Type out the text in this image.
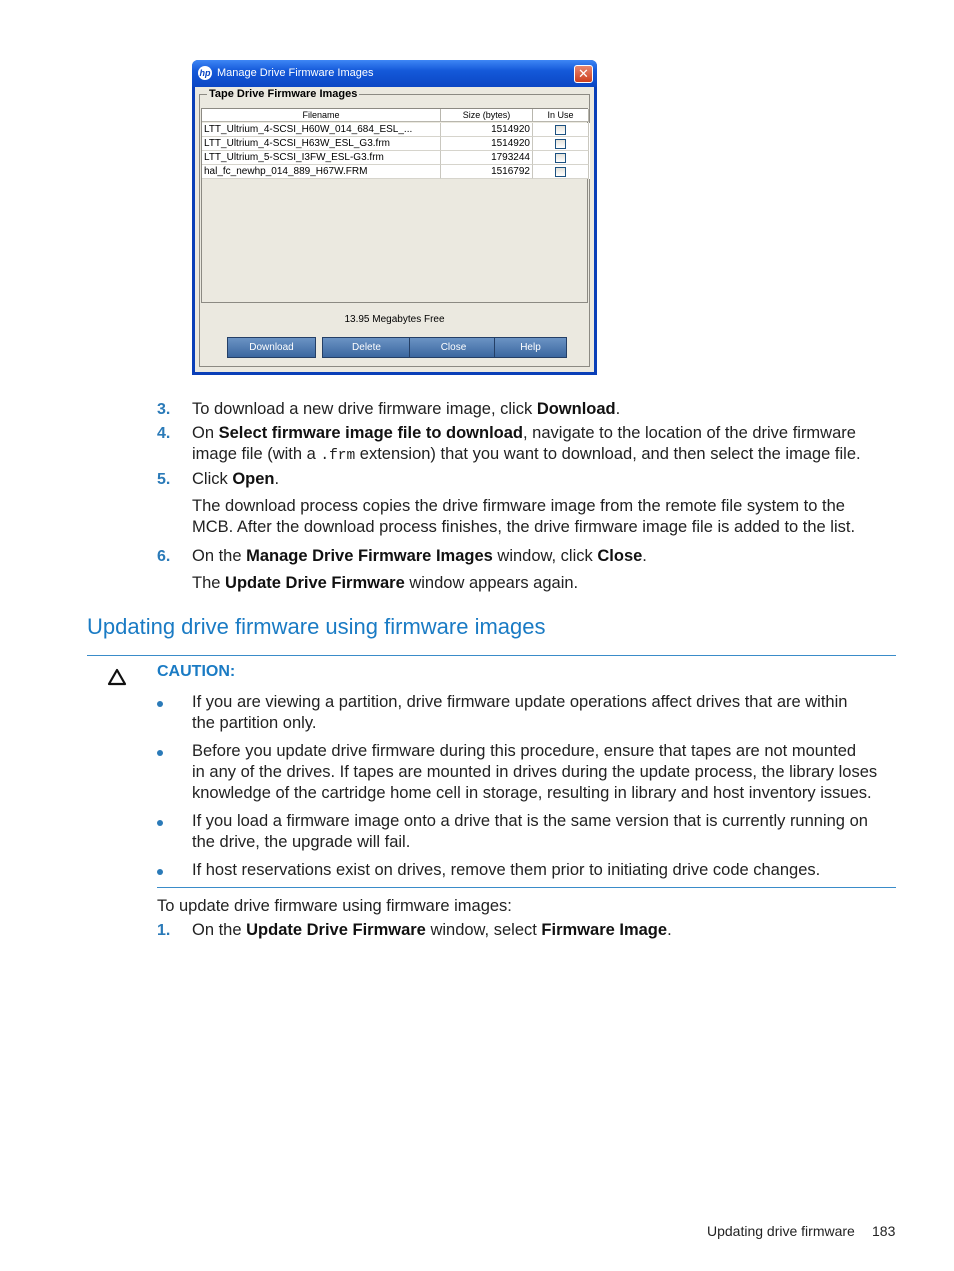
hp Manage Drive Firmware Images	✕
Tape Drive Firmware Images
Filename	Size (bytes)	In Use
LTT_Ultrium_4-SCSI_H60W_014_684_ESL_...	1514920
LTT_Ultrium_4-SCSI_H63W_ESL_G3.frm	1514920
LTT_Ultrium_5-SCSI_I3FW_ESL-G3.frm	1793244
hal_fc_newhp_014_889_H67W.FRM	1516792
13.95 Megabytes Free
Download	Delete	Close	Help
3. To download a new drive firmware image, click Download.
4. On Select firmware image file to download, navigate to the location of the drive firmware
image file (with a .frm extension) that you want to download, and then select the image file.
5. Click Open.
The download process copies the drive firmware image from the remote file system to the
MCB. After the download process finishes, the drive firmware image file is added to the list.
6. On the Manage Drive Firmware Images window, click Close.
The Update Drive Firmware window appears again.
Updating drive firmware using firmware images
CAUTION:
If you are viewing a partition, drive firmware update operations affect drives that are within
the partition only.
Before you update drive firmware during this procedure, ensure that tapes are not mounted
in any of the drives. If tapes are mounted in drives during the update process, the library loses
knowledge of the cartridge home cell in storage, resulting in library and host inventory issues.
If you load a firmware image onto a drive that is the same version that is currently running on
the drive, the upgrade will fail.
If host reservations exist on drives, remove them prior to initiating drive code changes.
To update drive firmware using firmware images:
1. On the Update Drive Firmware window, select Firmware Image.
Updating drive firmware 183
